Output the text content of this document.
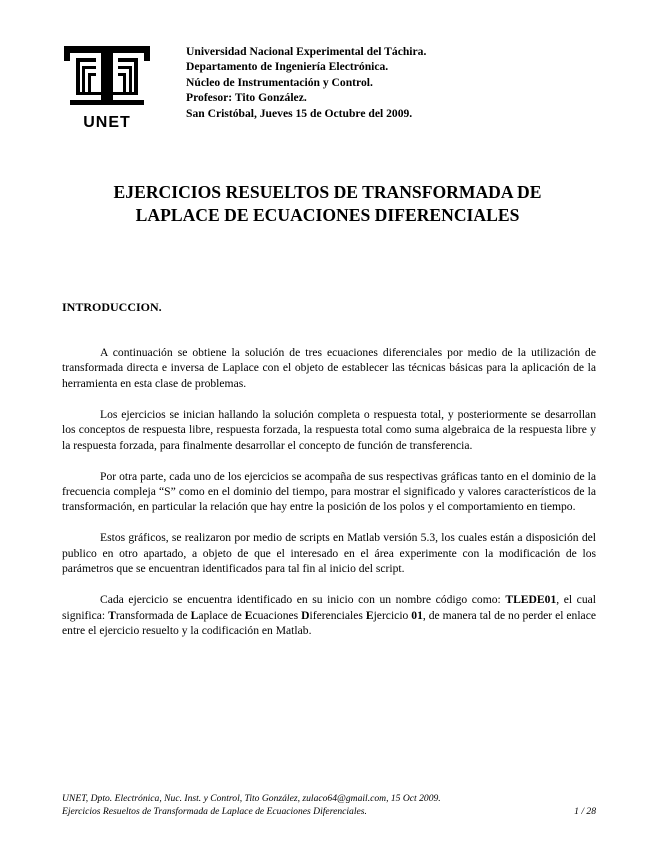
UNET
Universidad Nacional Experimental del Táchira.
Departamento de Ingeniería Electrónica.
Núcleo de Instrumentación y Control.
Profesor: Tito González.
San Cristóbal, Jueves 15 de Octubre del 2009.
EJERCICIOS RESUELTOS DE TRANSFORMADA DE
LAPLACE DE ECUACIONES DIFERENCIALES
INTRODUCCION.

A continuación se obtiene la solución de tres ecuaciones diferenciales por medio de la utilización de transformada directa e inversa de Laplace con el objeto de establecer las técnicas básicas para la aplicación de la herramienta en esta clase de problemas.

Los ejercicios se inician hallando la solución completa o respuesta total, y posteriormente se desarrollan los conceptos de respuesta libre, respuesta forzada, la respuesta total como suma algebraica de la respuesta libre y la respuesta forzada, para finalmente desarrollar el concepto de función de transferencia.

Por otra parte, cada uno de los ejercicios se acompaña de sus respectivas gráficas tanto en el dominio de la frecuencia compleja “S” como en el dominio del tiempo, para mostrar el significado y valores característicos de la transformación, en particular la relación que hay entre la posición de los polos y el comportamiento en tiempo.

Estos gráficos, se realizaron por medio de scripts en Matlab versión 5.3, los cuales están a disposición del publico en otro apartado, a objeto de que el interesado en el área experimente con la modificación de los parámetros que se encuentran identificados para tal fin al inicio del script.

Cada ejercicio se encuentra identificado en su inicio con un nombre código como: TLEDE01, el cual significa: Transformada de Laplace de Ecuaciones Diferenciales Ejercicio 01, de manera tal de no perder el enlace entre el ejercicio resuelto y la codificación en Matlab.

UNET, Dpto. Electrónica, Nuc. Inst. y Control, Tito González, zulaco64@gmail.com, 15 Oct 2009.
Ejercicios Resueltos de Transformada de Laplace de Ecuaciones Diferenciales.	1 / 28
